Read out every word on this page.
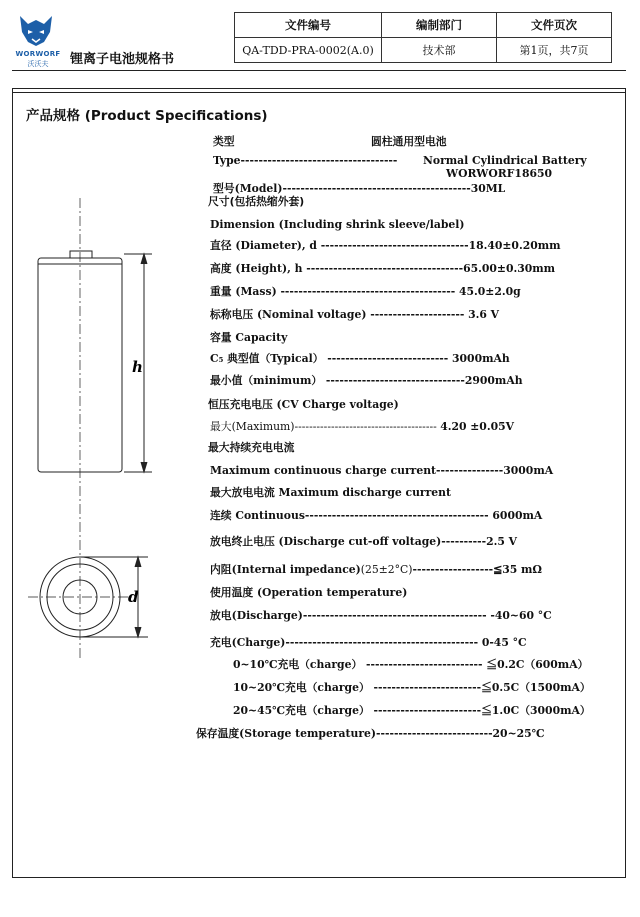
WORWORF
沃沃夫	锂离子电池规格书
文件编号	编制部门	文件页次
QA-TDD-PRA-0002(A.0)	技术部	第1页，共7页
产品规格 (Product Specifications)
h
d
类型	圆柱通用型电池
Type----------------------------------- Normal Cylindrical Battery
WORWORF18650
型号(Model)------------------------------------------30ML
尺寸(包括热缩外套)
Dimension (Including shrink sleeve/label)
直径 (Diameter), d ---------------------------------18.40±0.20mm
高度 (Height), h -----------------------------------65.00±0.30mm
重量 (Mass) --------------------------------------- 45.0±2.0g
标称电压 (Nominal voltage) --------------------- 3.6 V
容量 Capacity
C₅ 典型值（Typical） --------------------------- 3000mAh
最小值（minimum） -------------------------------2900mAh
恒压充电电压 (CV Charge voltage)
最大(Maximum)--------------------------------------- 4.20 ±0.05V
最大持续充电电流
Maximum continuous charge current---------------3000mA
最大放电电流 Maximum discharge current
连续 Continuous----------------------------------------- 6000mA
放电终止电压 (Discharge cut-off voltage)----------2.5 V
内阻(Internal impedance)(25±2°C)------------------≦35 mΩ
使用温度 (Operation temperature)
放电(Discharge)----------------------------------------- -40~60 °C
充电(Charge)------------------------------------------- 0-45 °C
0~10℃充电（charge） -------------------------- ≦0.2C（600mA）
10~20℃充电（charge） ------------------------≦0.5C（1500mA）
20~45℃充电（charge） ------------------------≦1.0C（3000mA）
保存温度(Storage temperature)--------------------------20~25℃
